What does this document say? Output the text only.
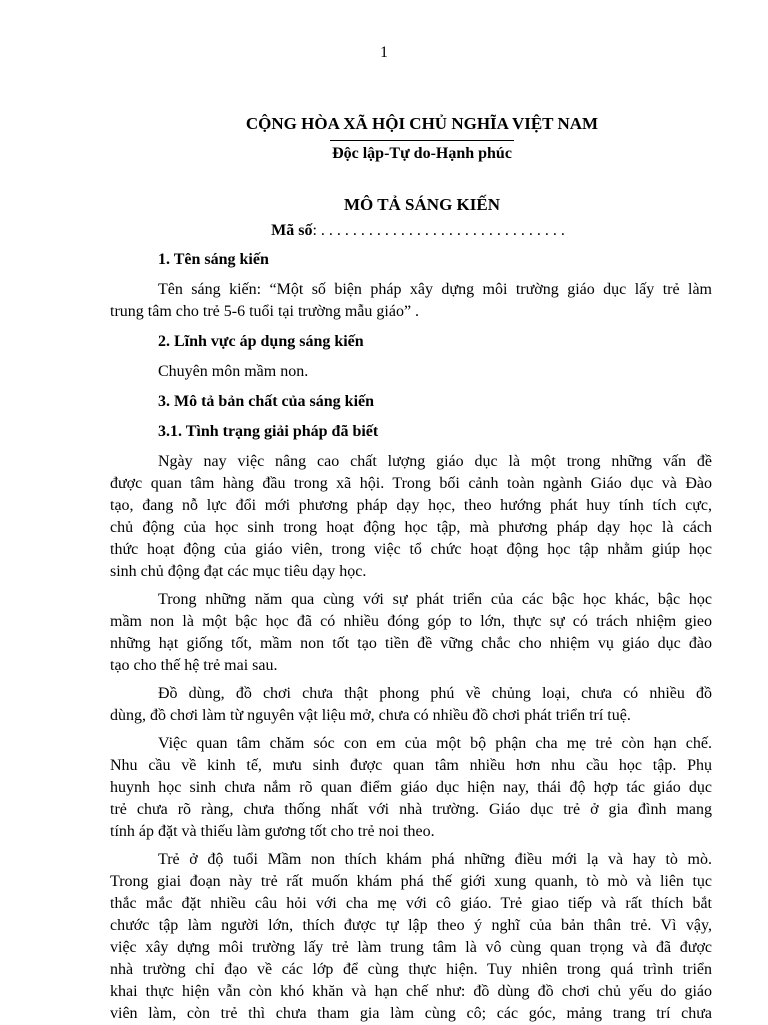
1

CỘNG HÒA XÃ HỘI CHỦ NGHĨA VIỆT NAM

Độc lập-Tự do-Hạnh phúc

MÔ TẢ SÁNG KIẾN

Mã số: . . . . . . . . . . . . . . . . . . . . . . . . . . . . . . .
1. Tên sáng kiến
Tên sáng kiến: “Một số biện pháp xây dựng môi trường giáo dục lấy trẻ làm
trung tâm cho trẻ 5-6 tuổi tại trường mẫu giáo” .
2. Lĩnh vực áp dụng sáng kiến
Chuyên môn mầm non.
3. Mô tả bản chất của sáng kiến
3.1. Tình trạng giải pháp đã biết
Ngày nay việc nâng cao chất lượng giáo dục là một trong những vấn đề
được quan tâm hàng đầu trong xã hội. Trong bối cảnh toàn ngành Giáo dục và Đào
tạo, đang nỗ lực đổi mới phương pháp dạy học, theo hướng phát huy tính tích cực,
chủ động của học sinh trong hoạt động học tập, mà phương pháp dạy học là cách
thức hoạt động của giáo viên, trong việc tổ chức hoạt động học tập nhằm giúp học
sinh chủ động đạt các mục tiêu dạy học.
Trong những năm qua cùng với sự phát triển của các bậc học khác, bậc học
mầm non là một bậc học đã có nhiều đóng góp to lớn, thực sự có trách nhiệm gieo
những hạt giống tốt, mầm non tốt tạo tiền đề vững chắc cho nhiệm vụ giáo dục đào
tạo cho thế hệ trẻ mai sau.
Đồ dùng, đồ chơi chưa thật phong phú về chủng loại, chưa có nhiều đồ
dùng, đồ chơi làm từ nguyên vật liệu mở, chưa có nhiều đồ chơi phát triển trí tuệ.
Việc quan tâm chăm sóc con em của một bộ phận cha mẹ trẻ còn hạn chế.
Nhu cầu về kinh tế, mưu sinh được quan tâm nhiều hơn nhu cầu học tập. Phụ
huynh học sinh chưa nắm rõ quan điểm giáo dục hiện nay, thái độ hợp tác giáo dục
trẻ chưa rõ ràng, chưa thống nhất với nhà trường. Giáo dục trẻ ở gia đình mang
tính áp đặt và thiếu làm gương tốt cho trẻ noi theo.
Trẻ ở độ tuổi Mầm non thích khám phá những điều mới lạ và hay tò mò.
Trong giai đoạn này trẻ rất muốn khám phá thế giới xung quanh, tò mò và liên tục
thắc mắc đặt nhiều câu hỏi với cha mẹ với cô giáo. Trẻ giao tiếp và rất thích bắt
chước tập làm người lớn, thích được tự lập theo ý nghĩ của bản thân trẻ. Vì vậy,
việc xây dựng môi trường lấy trẻ làm trung tâm là vô cùng quan trọng và đã được
nhà trường chỉ đạo về các lớp để cùng thực hiện. Tuy nhiên trong quá trình triển
khai thực hiện vẫn còn khó khăn và hạn chế như: đồ dùng đồ chơi chủ yếu do giáo
viên làm, còn trẻ thì chưa tham gia làm cùng cô; các góc, mảng trang trí chưa
